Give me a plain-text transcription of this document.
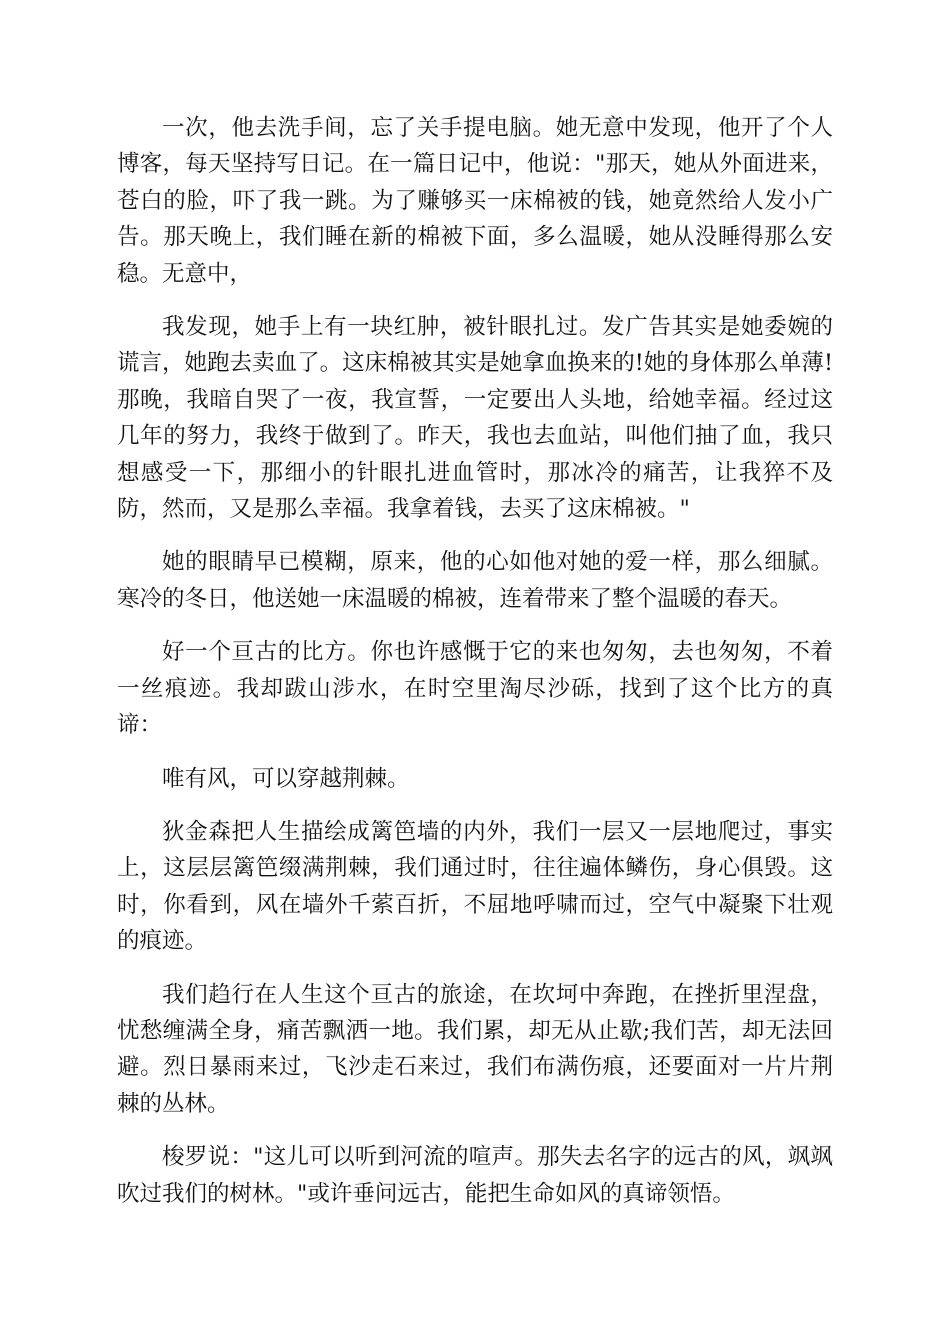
一次，他去洗手间，忘了关手提电脑。她无意中发现，他开了个人博客，每天坚持写日记。在一篇日记中，他说："那天，她从外面进来，苍白的脸，吓了我一跳。为了赚够买一床棉被的钱，她竟然给人发小广告。那天晚上，我们睡在新的棉被下面，多么温暖，她从没睡得那么安稳。无意中，

我发现，她手上有一块红肿，被针眼扎过。发广告其实是她委婉的谎言，她跑去卖血了。这床棉被其实是她拿血换来的!她的身体那么单薄!那晚，我暗自哭了一夜，我宣誓，一定要出人头地，给她幸福。经过这几年的努力，我终于做到了。昨天，我也去血站，叫他们抽了血，我只想感受一下，那细小的针眼扎进血管时，那冰冷的痛苦，让我猝不及防，然而，又是那么幸福。我拿着钱，去买了这床棉被。"

她的眼睛早已模糊，原来，他的心如他对她的爱一样，那么细腻。寒冷的冬日，他送她一床温暖的棉被，连着带来了整个温暖的春天。

好一个亘古的比方。你也许感慨于它的来也匆匆，去也匆匆，不着一丝痕迹。我却跋山涉水，在时空里淘尽沙砾，找到了这个比方的真谛：

唯有风，可以穿越荆棘。

狄金森把人生描绘成篱笆墙的内外，我们一层又一层地爬过，事实上，这层层篱笆缀满荆棘，我们通过时，往往遍体鳞伤，身心俱毁。这时，你看到，风在墙外千萦百折，不屈地呼啸而过，空气中凝聚下壮观的痕迹。

我们趋行在人生这个亘古的旅途，在坎坷中奔跑，在挫折里涅盘，忧愁缠满全身，痛苦飘洒一地。我们累，却无从止歇;我们苦，却无法回避。烈日暴雨来过，飞沙走石来过，我们布满伤痕，还要面对一片片荆棘的丛林。

梭罗说："这儿可以听到河流的喧声。那失去名字的远古的风，飒飒吹过我们的树林。"或许垂问远古，能把生命如风的真谛领悟。
